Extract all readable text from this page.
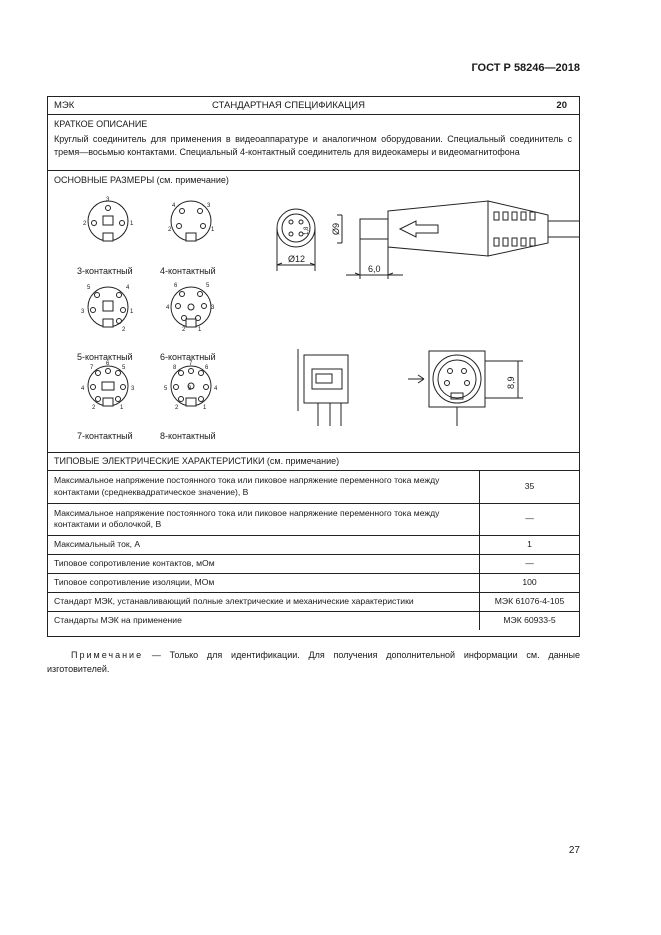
ГОСТ Р 58246—2018
МЭК	СТАНДАРТНАЯ СПЕЦИФИКАЦИЯ	20
КРАТКОЕ ОПИСАНИЕ
Круглый соединитель для применения в видеоаппаратуре и аналогичном оборудовании. Специальный соединитель с тремя—восьмью контактами. Специальный 4-контактный соединитель для видеокамеры и видеомагнитофона
ОСНОВНЫЕ РАЗМЕРЫ (см. примечание)
3
2	1
4	3
2	1
5	4
3	1
2
6	5
4	3
2 1
7
6
5
4	3
2	1
8
7
6
5	4
3
2	1
3-контактный	4-контактный
5-контактный	6-контактный
7-контактный	8-контактный
Ø12
6,0
Ø9
1,8
8,9
ТИПОВЫЕ ЭЛЕКТРИЧЕСКИЕ ХАРАКТЕРИСТИКИ (см. примечание)
Максимальное напряжение постоянного тока или пиковое напряжение переменного тока между контактами (среднеквадратическое значение), В	35
Максимальное напряжение постоянного тока или пиковое напряжение переменного тока между контактами и оболочкой, В	—
Максимальный ток, А	1
Типовое сопротивление контактов, мОм	—
Типовое сопротивление изоляции, МОм	100
Стандарт МЭК, устанавливающий полные электрические и механические характеристики	МЭК 61076-4-105
Стандарты МЭК на применение	МЭК 60933-5
Примечание — Только для идентификации. Для получения дополнительной информации см. данные изготовителей.
27
